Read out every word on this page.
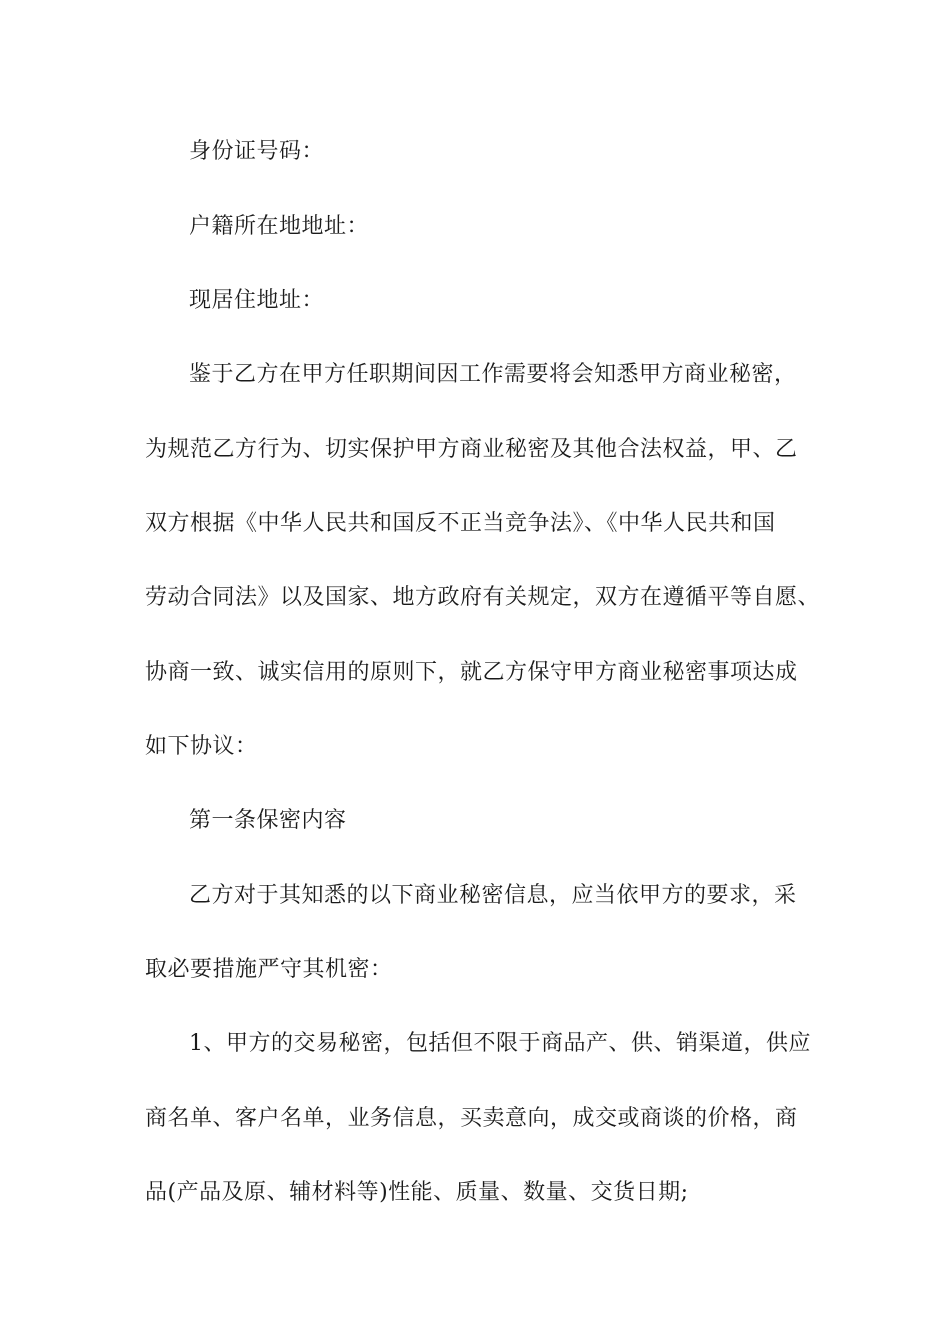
身份证号码：
户籍所在地地址：
现居住地址：
鉴于乙方在甲方任职期间因工作需要将会知悉甲方商业秘密，
为规范乙方行为、切实保护甲方商业秘密及其他合法权益，甲、乙
双方根据《中华人民共和国反不正当竞争法》、《中华人民共和国
劳动合同法》以及国家、地方政府有关规定，双方在遵循平等自愿、
协商一致、诚实信用的原则下，就乙方保守甲方商业秘密事项达成
如下协议：
第一条保密内容
乙方对于其知悉的以下商业秘密信息，应当依甲方的要求，采
取必要措施严守其机密：
1、甲方的交易秘密，包括但不限于商品产、供、销渠道，供应
商名单、客户名单，业务信息，买卖意向，成交或商谈的价格，商
品(产品及原、辅材料等)性能、质量、数量、交货日期;
